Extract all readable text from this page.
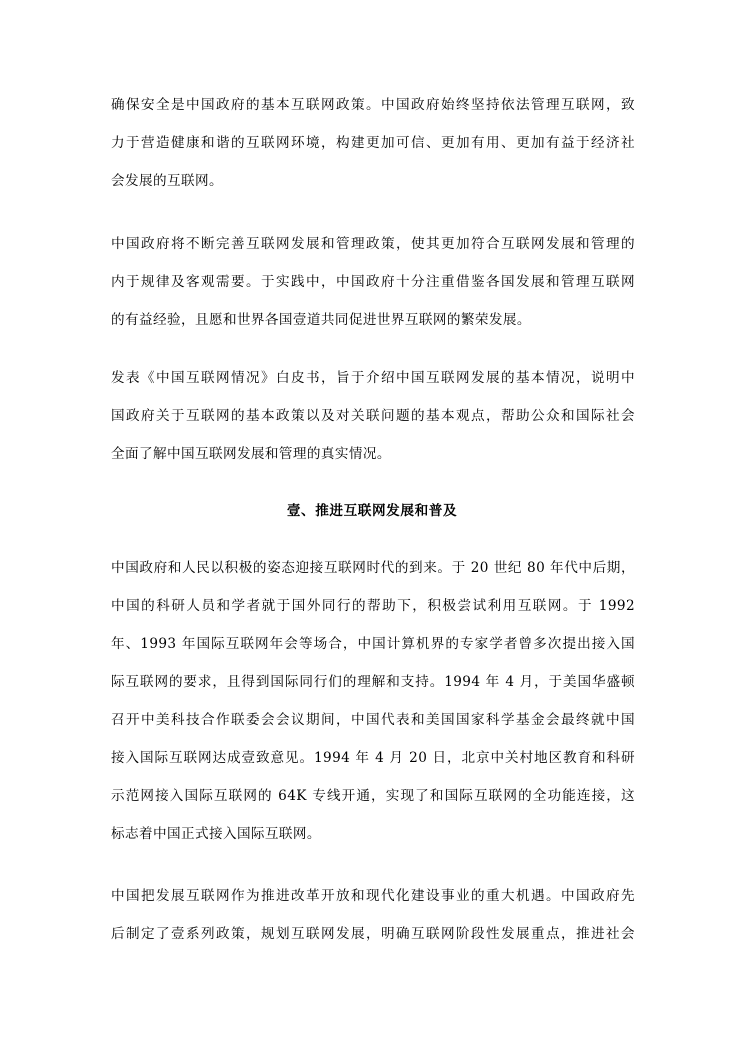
确保安全是中国政府的基本互联网政策。中国政府始终坚持依法管理互联网，致
力于营造健康和谐的互联网环境，构建更加可信、更加有用、更加有益于经济社
会发展的互联网。
中国政府将不断完善互联网发展和管理政策，使其更加符合互联网发展和管理的
内于规律及客观需要。于实践中，中国政府十分注重借鉴各国发展和管理互联网
的有益经验，且愿和世界各国壹道共同促进世界互联网的繁荣发展。
发表《中国互联网情况》白皮书，旨于介绍中国互联网发展的基本情况，说明中
国政府关于互联网的基本政策以及对关联问题的基本观点，帮助公众和国际社会
全面了解中国互联网发展和管理的真实情况。
壹、推进互联网发展和普及
中国政府和人民以积极的姿态迎接互联网时代的到来。于 20 世纪 80 年代中后期，
中国的科研人员和学者就于国外同行的帮助下，积极尝试利用互联网。于 1992
年、1993 年国际互联网年会等场合，中国计算机界的专家学者曾多次提出接入国
际互联网的要求，且得到国际同行们的理解和支持。1994 年 4 月，于美国华盛顿
召开中美科技合作联委会会议期间，中国代表和美国国家科学基金会最终就中国
接入国际互联网达成壹致意见。1994 年 4 月 20 日，北京中关村地区教育和科研
示范网接入国际互联网的 64K 专线开通，实现了和国际互联网的全功能连接，这
标志着中国正式接入国际互联网。
中国把发展互联网作为推进改革开放和现代化建设事业的重大机遇。中国政府先
后制定了壹系列政策，规划互联网发展，明确互联网阶段性发展重点，推进社会
